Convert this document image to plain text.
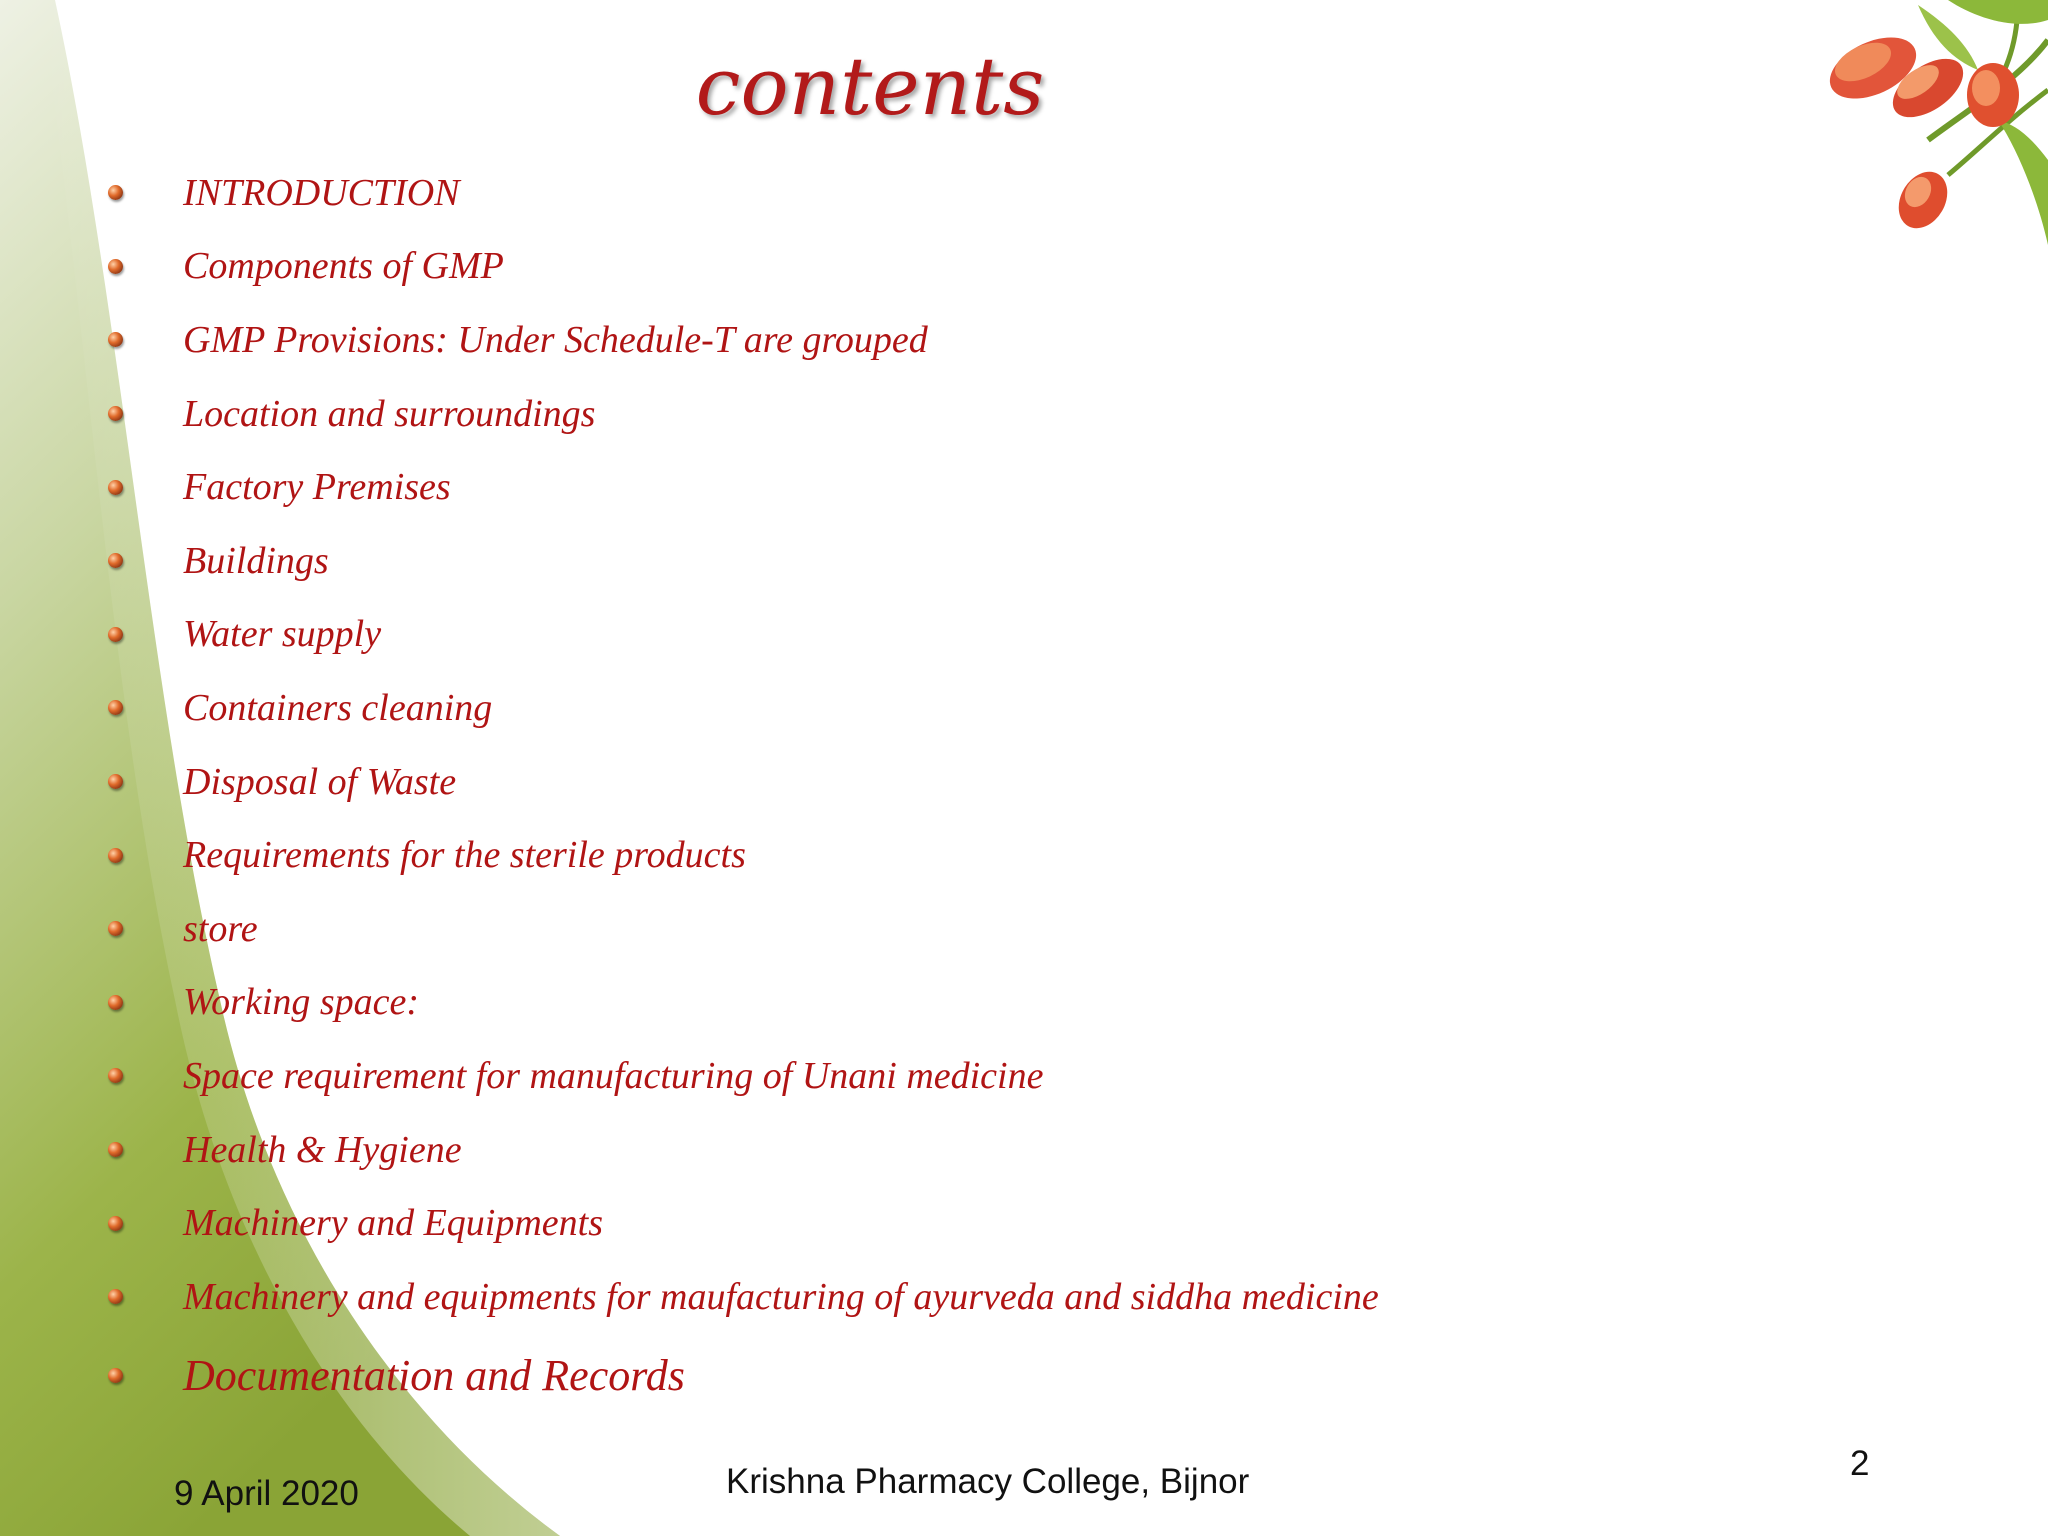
contents
INTRODUCTION
Components of GMP
GMP Provisions: Under Schedule-T are grouped
Location and surroundings
Factory Premises
Buildings
Water supply
Containers cleaning
Disposal of Waste
Requirements for the sterile products
store
Working space:
Space requirement for manufacturing of Unani medicine
Health & Hygiene
Machinery and Equipments
Machinery and equipments for maufacturing of ayurveda and siddha medicine
Documentation and Records
9 April 2020	Krishna Pharmacy College, Bijnor	2
